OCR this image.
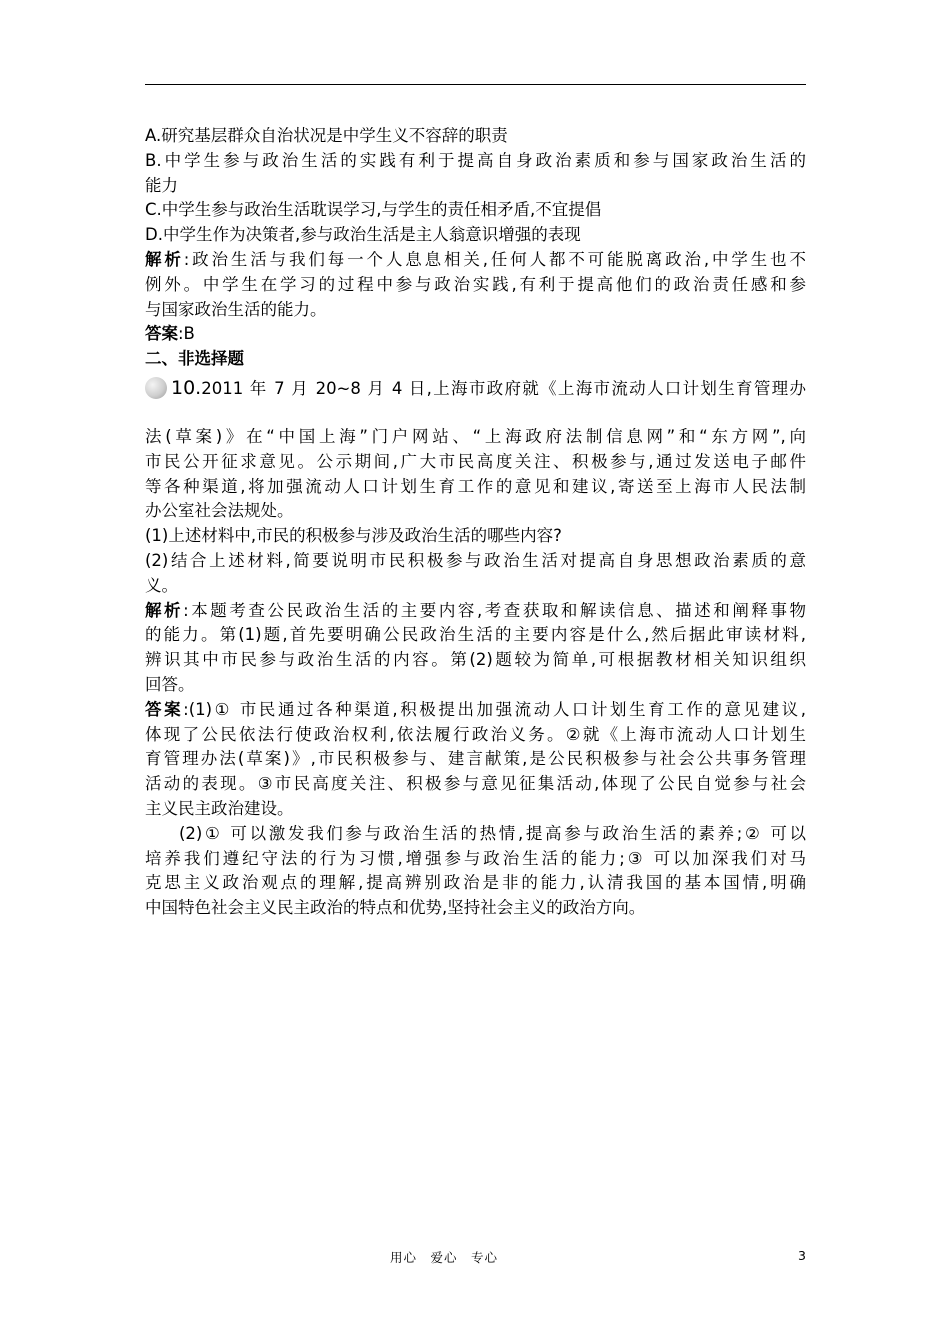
A.研究基层群众自治状况是中学生义不容辞的职责
B.中学生参与政治生活的实践有利于提高自身政治素质和参与国家政治生活的
能力
C.中学生参与政治生活耽误学习,与学生的责任相矛盾,不宜提倡
D.中学生作为决策者,参与政治生活是主人翁意识增强的表现
解析:政治生活与我们每一个人息息相关,任何人都不可能脱离政治,中学生也不
例外。中学生在学习的过程中参与政治实践,有利于提高他们的政治责任感和参
与国家政治生活的能力。
答案:B
二、非选择题
10.2011 年 7 月 20~8 月 4 日,上海市政府就《上海市流动人口计划生育管理办
法(草案)》在“中国上海”门户网站、“上海政府法制信息网”和“东方网”,向
市民公开征求意见。公示期间,广大市民高度关注、积极参与,通过发送电子邮件
等各种渠道,将加强流动人口计划生育工作的意见和建议,寄送至上海市人民法制
办公室社会法规处。
(1)上述材料中,市民的积极参与涉及政治生活的哪些内容?
(2)结合上述材料,简要说明市民积极参与政治生活对提高自身思想政治素质的意
义。
解析:本题考查公民政治生活的主要内容,考查获取和解读信息、描述和阐释事物
的能力。第(1)题,首先要明确公民政治生活的主要内容是什么,然后据此审读材料,
辨识其中市民参与政治生活的内容。第(2)题较为简单,可根据教材相关知识组织
回答。
答案:(1)① 市民通过各种渠道,积极提出加强流动人口计划生育工作的意见建议,
体现了公民依法行使政治权利,依法履行政治义务。②就《上海市流动人口计划生
育管理办法(草案)》,市民积极参与、建言献策,是公民积极参与社会公共事务管理
活动的表现。③市民高度关注、积极参与意见征集活动,体现了公民自觉参与社会
主义民主政治建设。
(2)① 可以激发我们参与政治生活的热情,提高参与政治生活的素养;② 可以
培养我们遵纪守法的行为习惯,增强参与政治生活的能力;③ 可以加深我们对马
克思主义政治观点的理解,提高辨别政治是非的能力,认清我国的基本国情,明确
中国特色社会主义民主政治的特点和优势,坚持社会主义的政治方向。
用心　爱心　专心	3
